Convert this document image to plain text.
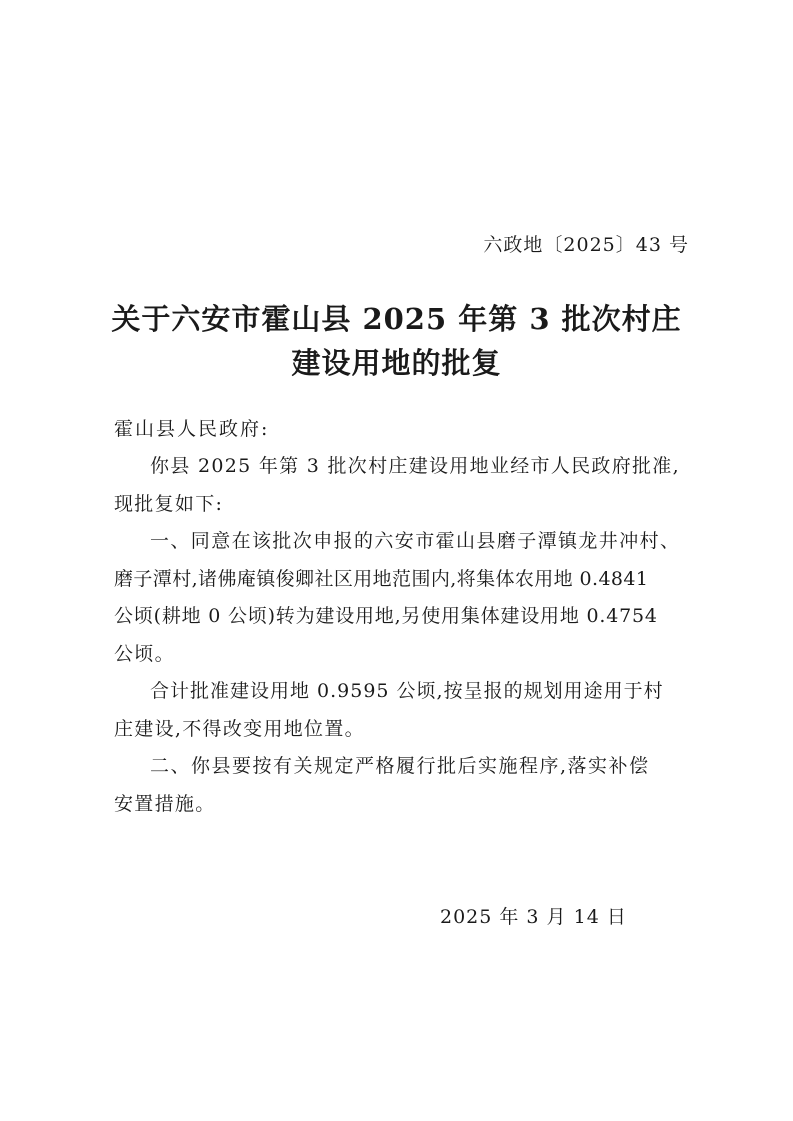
六政地〔2025〕43 号
关于六安市霍山县 2025 年第 3 批次村庄
建设用地的批复
霍山县人民政府:
你县 2025 年第 3 批次村庄建设用地业经市人民政府批准,
现批复如下:
一、同意在该批次申报的六安市霍山县磨子潭镇龙井冲村、
磨子潭村,诸佛庵镇俊卿社区用地范围内,将集体农用地 0.4841
公顷(耕地 0 公顷)转为建设用地,另使用集体建设用地 0.4754
公顷。
合计批准建设用地 0.9595 公顷,按呈报的规划用途用于村
庄建设,不得改变用地位置。
二、你县要按有关规定严格履行批后实施程序,落实补偿
安置措施。
2025 年 3 月 14 日
